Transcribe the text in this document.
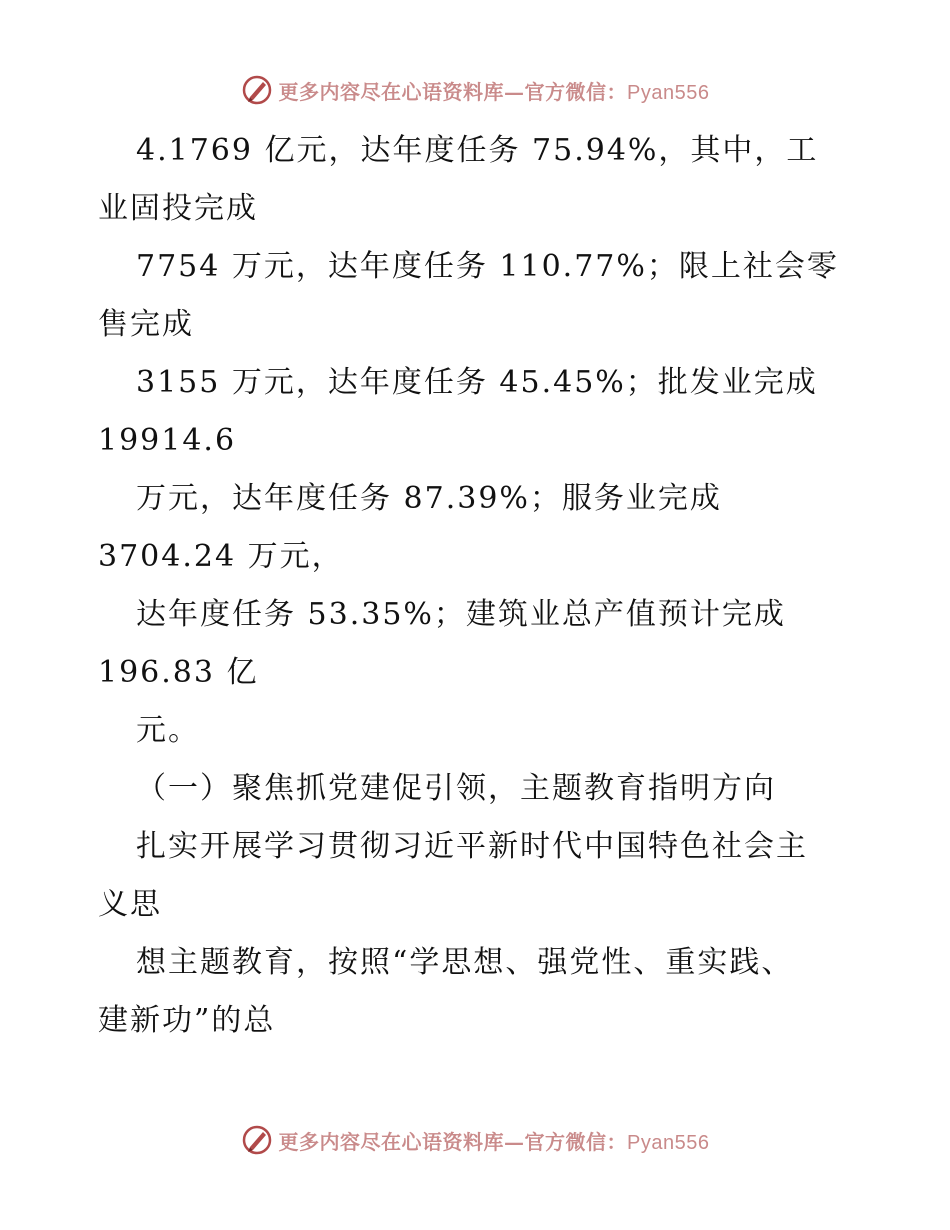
更多内容尽在心语资料库—官方微信：Pyan556
4.1769 亿元，达年度任务 75.94%，其中，工
业固投完成
7754 万元，达年度任务 110.77%；限上社会零
售完成
3155 万元，达年度任务 45.45%；批发业完成
19914.6
万元，达年度任务 87.39%；服务业完成
3704.24 万元，
达年度任务 53.35%；建筑业总产值预计完成
196.83 亿
元。
（一）聚焦抓党建促引领，主题教育指明方向
扎实开展学习贯彻习近平新时代中国特色社会主
义思
想主题教育，按照“学思想、强党性、重实践、
建新功”的总
更多内容尽在心语资料库—官方微信：Pyan556
